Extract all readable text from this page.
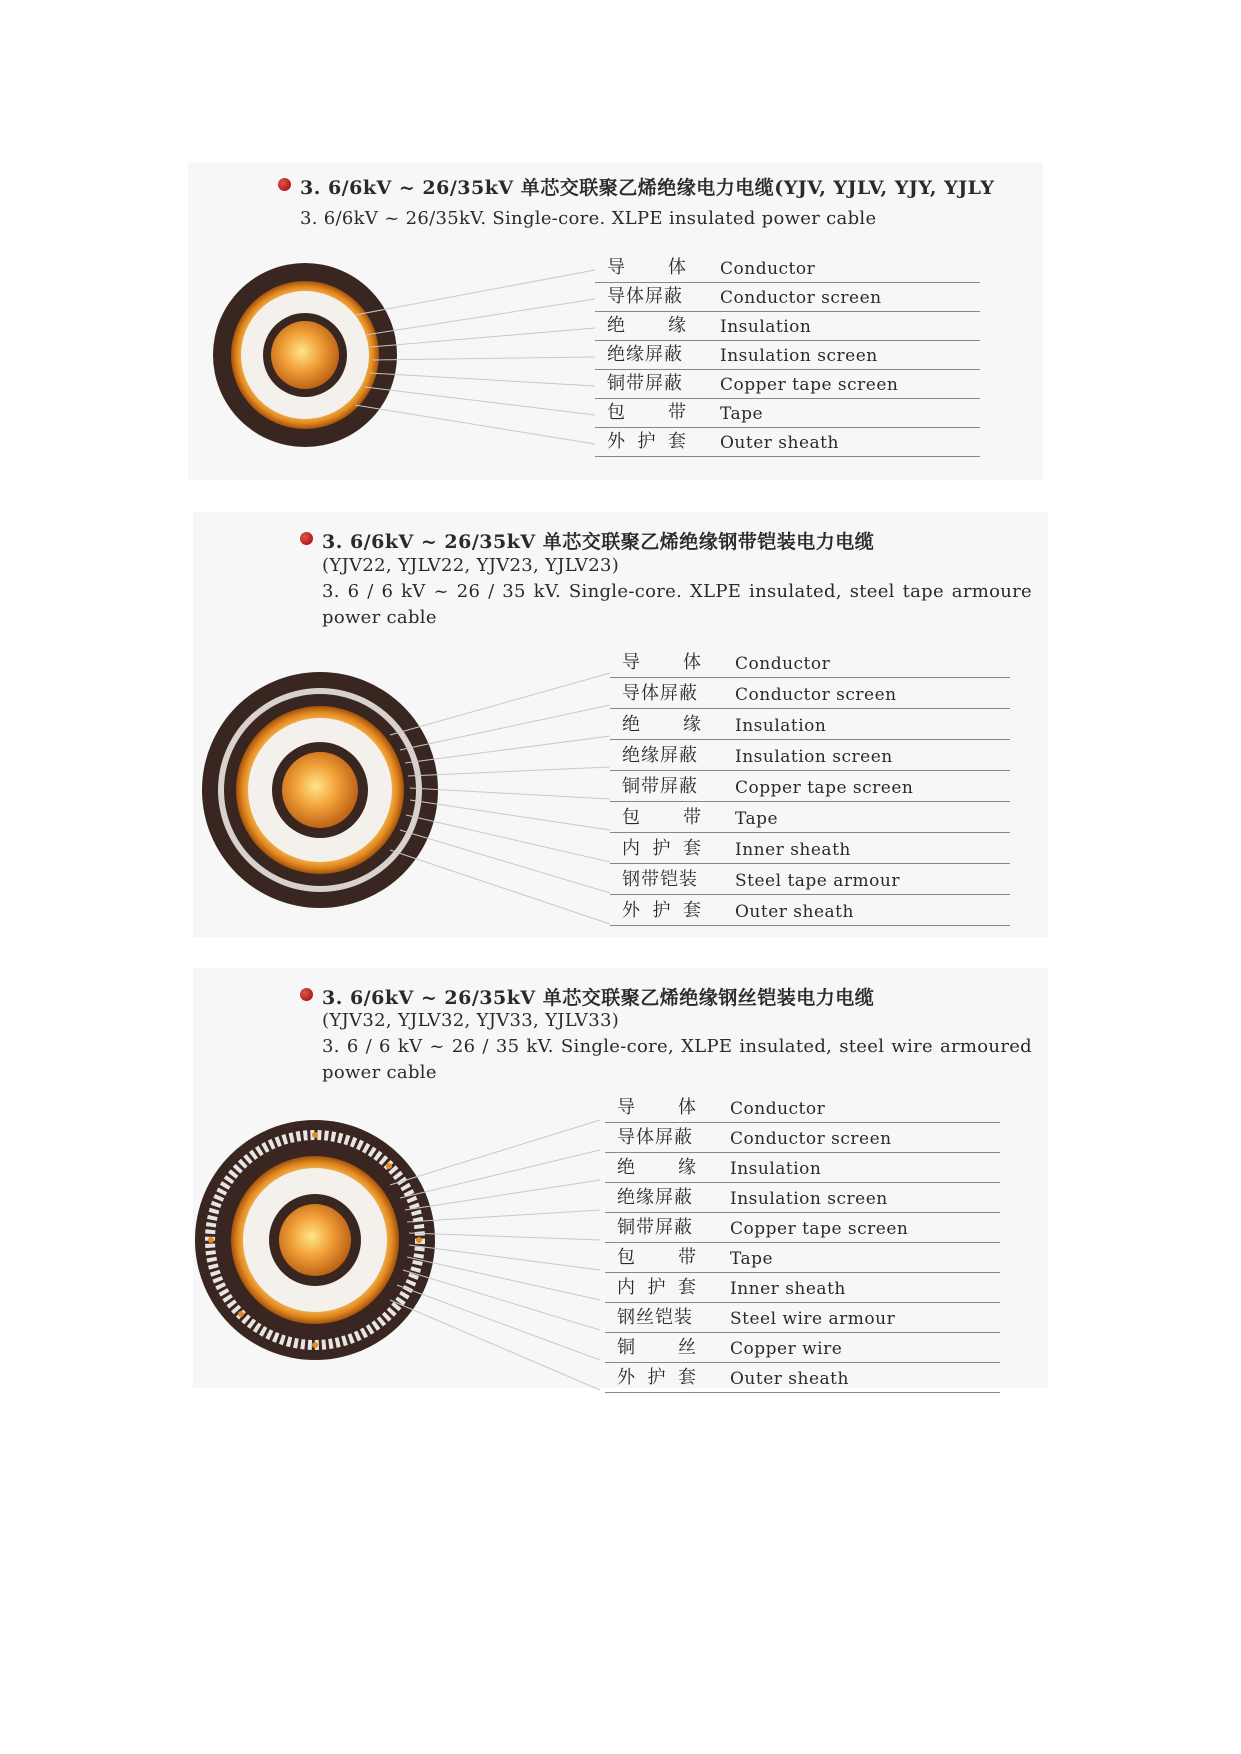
3. 6/6kV ~ 26/35kV 单芯交联聚乙烯绝缘电力电缆(YJV, YJLV, YJY, YJLY
3. 6/6kV ~ 26/35kV. Single-core. XLPE insulated power cable
导体 Conductor
导体屏蔽 Conductor screen
绝缘 Insulation
绝缘屏蔽 Insulation screen
铜带屏蔽 Copper tape screen
包带 Tape
外护套 Outer sheath
3. 6/6kV ~ 26/35kV 单芯交联聚乙烯绝缘钢带铠装电力电缆
(YJV22, YJLV22, YJV23, YJLV23)
3. 6 / 6 kV ~ 26 / 35 kV. Single-core. XLPE insulated, steel tape armoure
power cable
导体 Conductor
导体屏蔽 Conductor screen
绝缘 Insulation
绝缘屏蔽 Insulation screen
铜带屏蔽 Copper tape screen
包带 Tape
内护套 Inner sheath
钢带铠装 Steel tape armour
外护套 Outer sheath
3. 6/6kV ~ 26/35kV 单芯交联聚乙烯绝缘钢丝铠装电力电缆
(YJV32, YJLV32, YJV33, YJLV33)
3. 6 / 6 kV ~ 26 / 35 kV. Single-core, XLPE insulated, steel wire armoured
power cable
导体 Conductor
导体屏蔽 Conductor screen
绝缘 Insulation
绝缘屏蔽 Insulation screen
铜带屏蔽 Copper tape screen
包带 Tape
内护套 Inner sheath
钢丝铠装 Steel wire armour
铜丝 Copper wire
外护套 Outer sheath
